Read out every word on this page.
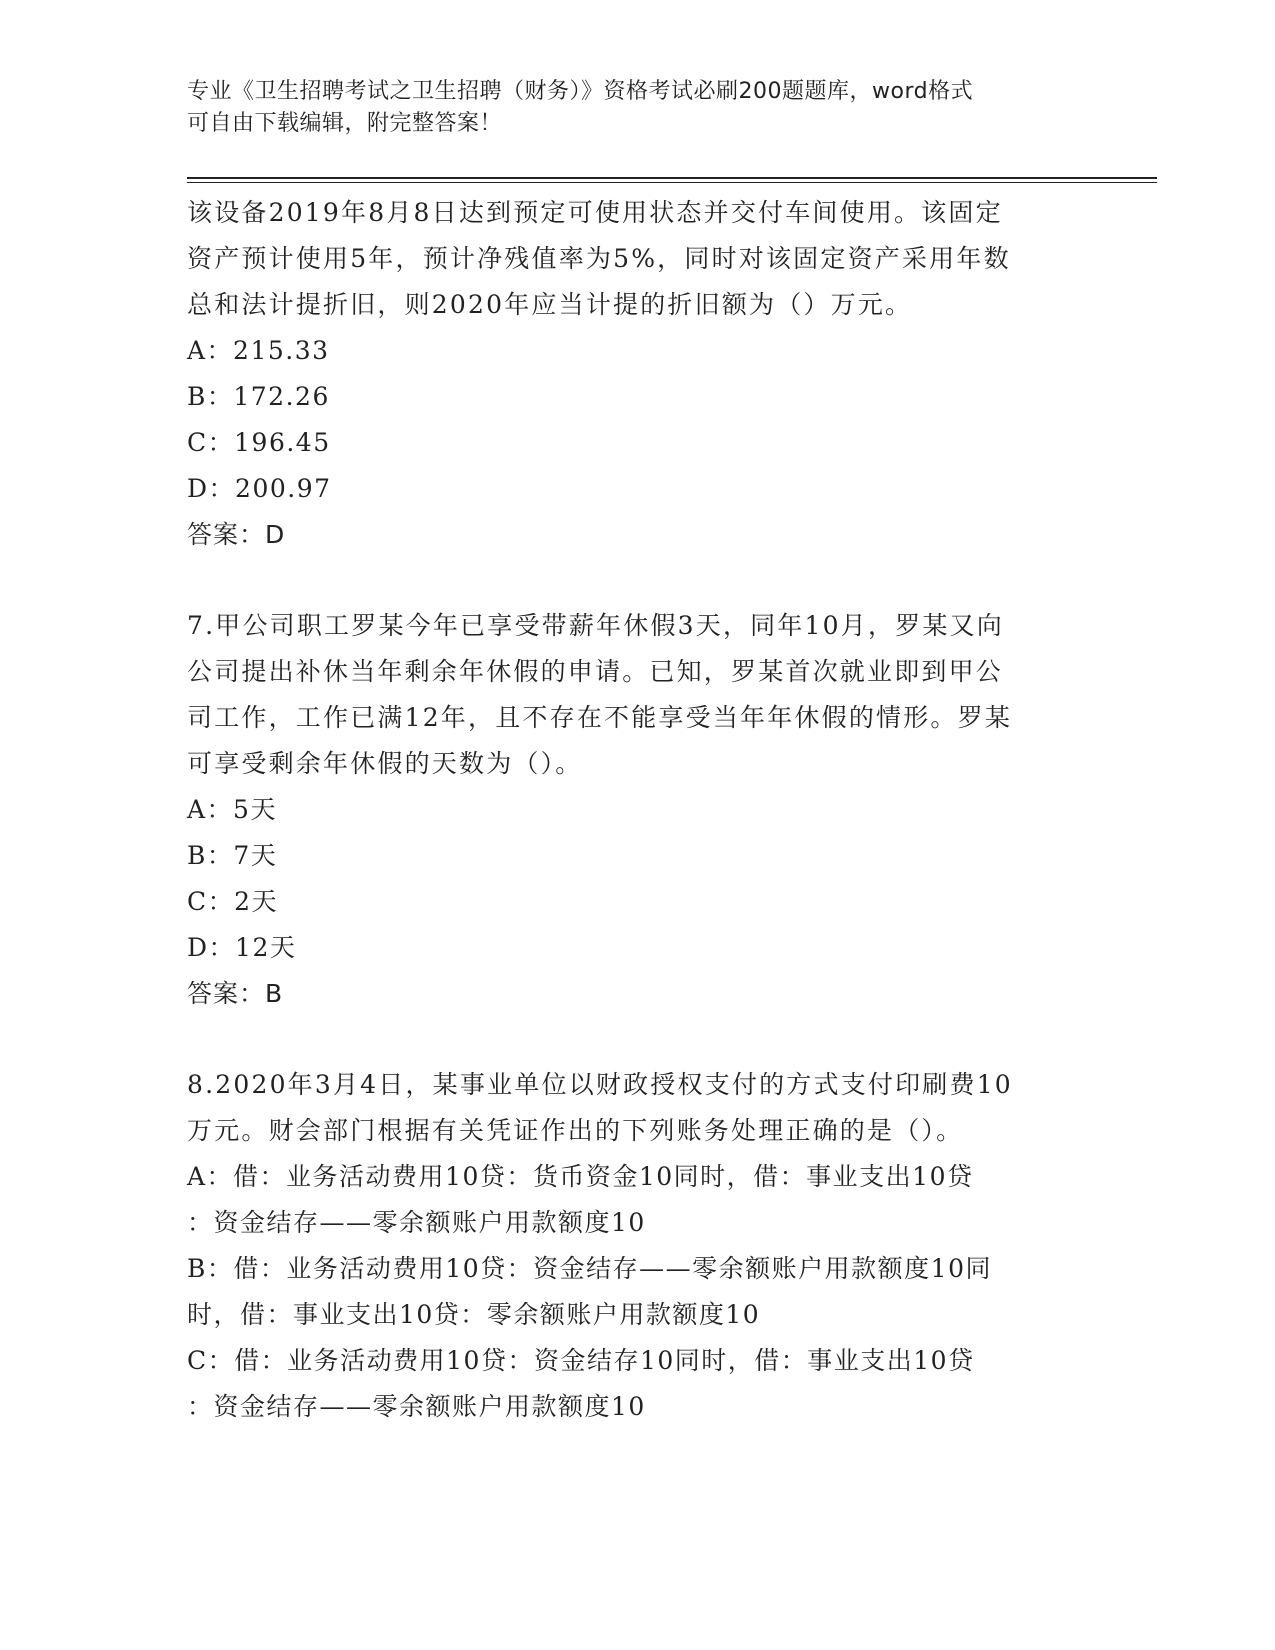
专业《卫生招聘考试之卫生招聘（财务）》资格考试必刷200题题库，word格式
可自由下载编辑，附完整答案！

该设备2019年8月8日达到预定可使用状态并交付车间使用。该固定

资产预计使用5年，预计净残值率为5%，同时对该固定资产采用年数

总和法计提折旧，则2020年应当计提的折旧额为（）万元。

A：215.33

B：172.26

C：196.45

D：200.97

答案：D

7.甲公司职工罗某今年已享受带薪年休假3天，同年10月，罗某又向

公司提出补休当年剩余年休假的申请。已知，罗某首次就业即到甲公

司工作，工作已满12年，且不存在不能享受当年年休假的情形。罗某

可享受剩余年休假的天数为（）。

A：5天

B：7天

C：2天

D：12天

答案：B

8.2020年3月4日，某事业单位以财政授权支付的方式支付印刷费10

万元。财会部门根据有关凭证作出的下列账务处理正确的是（）。

A：借：业务活动费用10贷：货币资金10同时，借：事业支出10贷

：资金结存——零余额账户用款额度10

B：借：业务活动费用10贷：资金结存——零余额账户用款额度10同

时，借：事业支出10贷：零余额账户用款额度10

C：借：业务活动费用10贷：资金结存10同时，借：事业支出10贷

：资金结存——零余额账户用款额度10
